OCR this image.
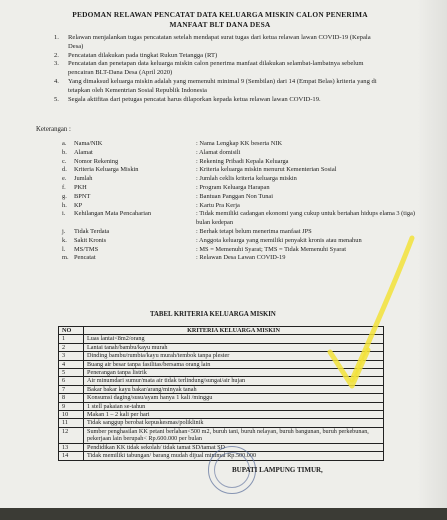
PEDOMAN RELAWAN PENCATAT DATA KELUARGA MISKIN CALON PENERIMA
MANFAAT BLT DANA DESA
1.	Relawan menjalankan tugas pencatatan setelah mendapat surat tugas dari ketua relawan lawan COVID-19 (Kepala Desa)
2.	Pencatatan dilakukan pada tingkat Rukun Tetangga (RT)
3.	Pencatatan dan penetapan data keluarga miskin calon penerima manfaat dilakukan selambat-lambatnya sebelum pencairan BLT-Dana Desa (April 2020)
4.	Yang dimaksud keluarga miskin adalah yang memenuhi minimal 9 (Sembilan) dari 14 (Empat Belas) kriteria yang di tetapkan oleh Kementrian Sosial Republik Indonesia
5.	Segala aktifitas dari petugas pencatat harus dilaporkan kepada ketua relawan lawan COVID-19.
Keterangan :
a.	Nama/NIK	: Nama Lengkap KK beserta NIK
b.	Alamat	: Alamat domisili
c.	Nomor Rekening	: Rekening Pribadi Kepala Keluarga
d.	Kriteria Keluarga Miskin	: Kriteria keluarga miskin menurut Kementerian Sosial
e.	Jumlah	: Jumlah ceklis kriteria keluarga miskin
f.	PKH	: Program Keluarga Harapan
g.	BPNT	: Bantuan Panggan Non Tunai
h.	KP	: Kartu Pra Kerja
i.	Kehilangan Mata Pencaharian	: Tidak memiliki cadangan ekonomi yang cukup untuk bertahan hidups elama 3 (tiga) bulan kedepan
j.	Tidak Terdata	: Berhak tetapi belum menerima manfaat JPS
k.	Sakit Kronis	: Anggota keluarga yang memiliki penyakit kronis atau menahun
l.	MS/TMS	: MS = Memenuhi Syarat; TMS = Tidak Memenuhi Syarat
m. Pencatat	: Relawan Desa Lawan COVID-19
TABEL KRITERIA KELUARGA MISKIN
NO	KRITERIA KELUARGA MISKIN
1	Luas lantai<8m2/orang
2	Lantai tanah/bambu/kayu murah
3	Dinding bambu/rumbia/kayu murah/tembok tanpa plester
4	Buang air besar tanpa fasilitas/bersama orang lain
5	Penerangan tanpa listrik
6	Air minumdari sumur/mata air tidak terlindung/sungai/air hujan
7	Bakar bakar kayu bakar/arang/minyak tanah
8	Konsumsi daging/susu/ayam hanya 1 kali /minggu
9	1 stell pakaian se-tahun
10	Makan 1 – 2 kali per hari
11	Tidak sanggup berobat kepuskesmas/poliklinik
12	Sumber penghasilan KK petani berlahan<500 m2, buruh tani, buruh nelayan, buruh bangunan, buruh perkebunan, pekerjaan lain berupah< Rp.600.000 per bulan
13	Pendidikan KK tidak sekolah/ tidak tamat SD/tamat SD
14	Tidak memiliki tabungan/ barang mudah dijual minimal Rp.500.000
BUPATI LAMPUNG TIMUR,
